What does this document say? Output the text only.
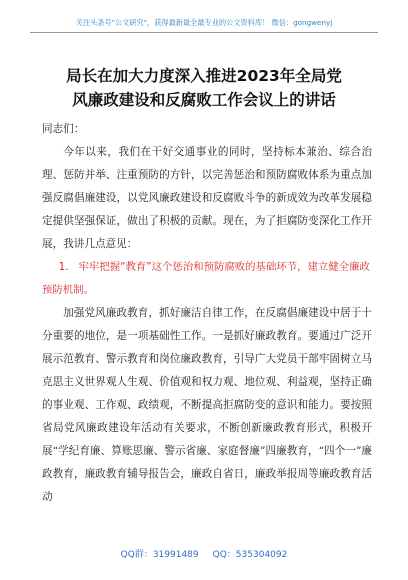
关注头条号"公文研究"，获得最新最全最专业的公文资料库！ 微信：gongwenyj
局长在加大力度深入推进2023年全局党
风廉政建设和反腐败工作会议上的讲话

同志们：

今年以来，我们在干好交通事业的同时，坚持标本兼治、综合治理、惩防并举、注重预防的方针，以完善惩治和预防腐败体系为重点加强反腐倡廉建设，以党风廉政建设和反腐败斗争的新成效为改革发展稳定提供坚强保证，做出了积极的贡献。现在，为了拒腐防变深化工作开展，我讲几点意见：

1. 牢牢把握“教育”这个惩治和预防腐败的基础环节，建立健全廉政预防机制。

加强党风廉政教育，抓好廉洁自律工作，在反腐倡廉建设中居于十分重要的地位，是一项基础性工作。一是抓好廉政教育。要通过广泛开展示范教育、警示教育和岗位廉政教育，引导广大党员干部牢固树立马克思主义世界观人生观、价值观和权力观、地位观、利益观，坚持正确的事业观、工作观、政绩观，不断提高拒腐防变的意识和能力。要按照省局党风廉政建设年活动有关要求，不断创新廉政教育形式，积极开展“学纪育廉、算账思廉、警示省廉、家庭督廉”四廉教育，“四个一”廉政教育，廉政教育辅导报告会，廉政自省日，廉政举报周等廉政教育活动

QQ群：31991489 QQ：535304092
